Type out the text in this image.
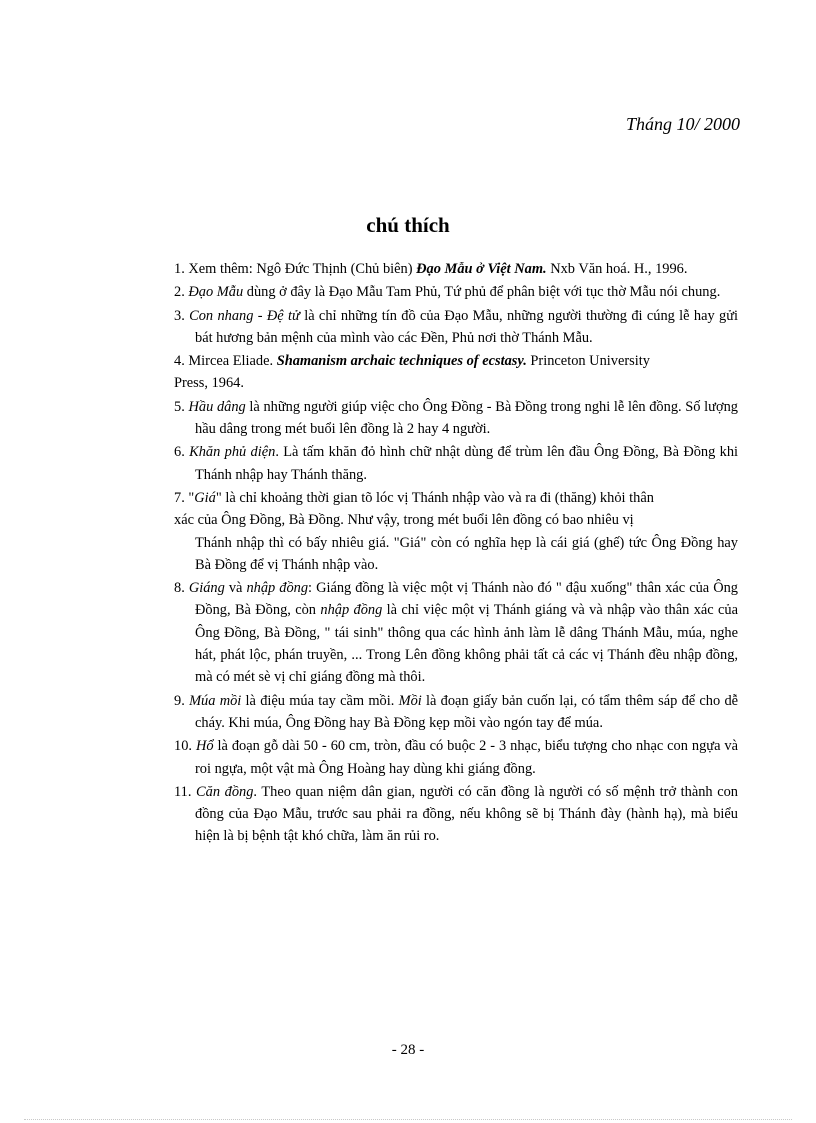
Tháng 10/ 2000
chú thích
1. Xem thêm: Ngô Đức Thịnh (Chủ biên) Đạo Mẫu ở Việt Nam. Nxb Văn hoá. H., 1996.
2. Đạo Mẫu dùng ở đây là Đạo Mẫu Tam Phủ, Tứ phủ để phân biệt với tục thờ Mẫu nói chung.
3. Con nhang - Đệ tử là chỉ những tín đồ của Đạo Mẫu, những người thường đi cúng lễ hay gửi bát hương bản mệnh của mình vào các Đền, Phủ nơi thờ Thánh Mẫu.
4. Mircea Eliade. Shamanism archaic techniques of ecstasy. Princeton University
Press, 1964.
5. Hầu dâng là những người giúp việc cho Ông Đồng - Bà Đồng trong nghi lễ lên đồng. Số lượng hầu dâng trong mét buổi lên đồng là 2 hay 4 người.
6. Khăn phủ diện. Là tấm khăn đỏ hình chữ nhật dùng để trùm lên đầu Ông Đồng, Bà Đồng khi Thánh nhập hay Thánh thăng.
7. "Giá" là chỉ khoảng thời gian tõ lóc vị Thánh nhập vào và ra đi (thăng) khỏi thân
xác của Ông Đồng, Bà Đồng. Như vậy, trong mét buổi lên đồng có bao nhiêu vị
Thánh nhập thì có bấy nhiêu giá. "Giá" còn có nghĩa hẹp là cái giá (ghế) tức Ông Đồng hay Bà Đồng để vị Thánh nhập vào.
8. Giáng và nhập đồng: Giáng đồng là việc một vị Thánh nào đó " đậu xuống" thân xác của Ông Đồng, Bà Đồng, còn nhập đồng là chỉ việc một vị Thánh giáng và và nhập vào thân xác của Ông Đồng, Bà Đồng, " tái sinh" thông qua các hình ảnh làm lễ dâng Thánh Mẫu, múa, nghe hát, phát lộc, phán truyền, ... Trong Lên đồng không phải tất cả các vị Thánh đều nhập đồng, mà có mét sè vị chỉ giáng đồng mà thôi.
9. Múa mồi là điệu múa tay cầm mồi. Mồi là đoạn giấy bản cuốn lại, có tẩm thêm sáp để cho dễ cháy. Khi múa, Ông Đồng hay Bà Đồng kẹp mồi vào ngón tay để múa.
10. Hổ là đoạn gỗ dài 50 - 60 cm, tròn, đầu có buộc 2 - 3 nhạc, biểu tượng cho nhạc con ngựa và roi ngựa, một vật mà Ông Hoàng hay dùng khi giáng đồng.
11. Căn đồng. Theo quan niệm dân gian, người có căn đồng là người có số mệnh trở thành con đồng của Đạo Mẫu, trước sau phải ra đồng, nếu không sẽ bị Thánh đày (hành hạ), mà biểu hiện là bị bệnh tật khó chữa, làm ăn rủi ro.
- 28 -
